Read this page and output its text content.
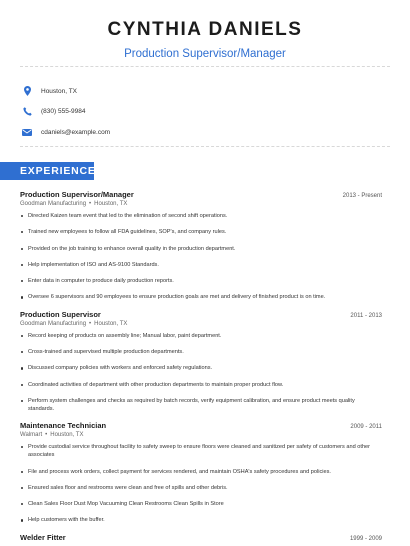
CYNTHIA DANIELS
Production Supervisor/Manager
Houston, TX
(830) 555-9984
cdaniels@example.com
EXPERIENCE
Production Supervisor/Manager	2013 - Present
Goodman Manufacturing • Houston, TX
Directed Kaizen team event that led to the elimination of second shift operations.
Trained new employees to follow all FDA guidelines, SOP's, and company rules.
Provided on the job training to enhance overall quality in the production department.
Help implementation of ISO and AS-9100 Standards.
Enter data in computer to produce daily production reports.
Oversee 6 supervisors and 90 employees to ensure production goals are met and delivery of finished product is on time.
Production Supervisor	2011 - 2013
Goodman Manufacturing • Houston, TX
Record keeping of products on assembly line; Manual labor, paint department.
Cross-trained and supervised multiple production departments.
Discussed company policies with workers and enforced safety regulations.
Coordinated activities of department with other production departments to maintain proper product flow.
Perform system challenges and checks as required by batch records, verify equipment calibration, and ensure product meets quality standards.
Maintenance Technician	2009 - 2011
Walmart • Houston, TX
Provide custodial service throughout facility to safety sweep to ensure floors were cleaned and sanitized per safety of customers and other associates
File and process work orders, collect payment for services rendered, and maintain OSHA's safety procedures and policies.
Ensured sales floor and restrooms were clean and free of spills and other debris.
Clean Sales Floor Dust Mop Vacuuming Clean Restrooms Clean Spills in Store
Help customers with the buffer.
Welder Fitter	1999 - 2009
